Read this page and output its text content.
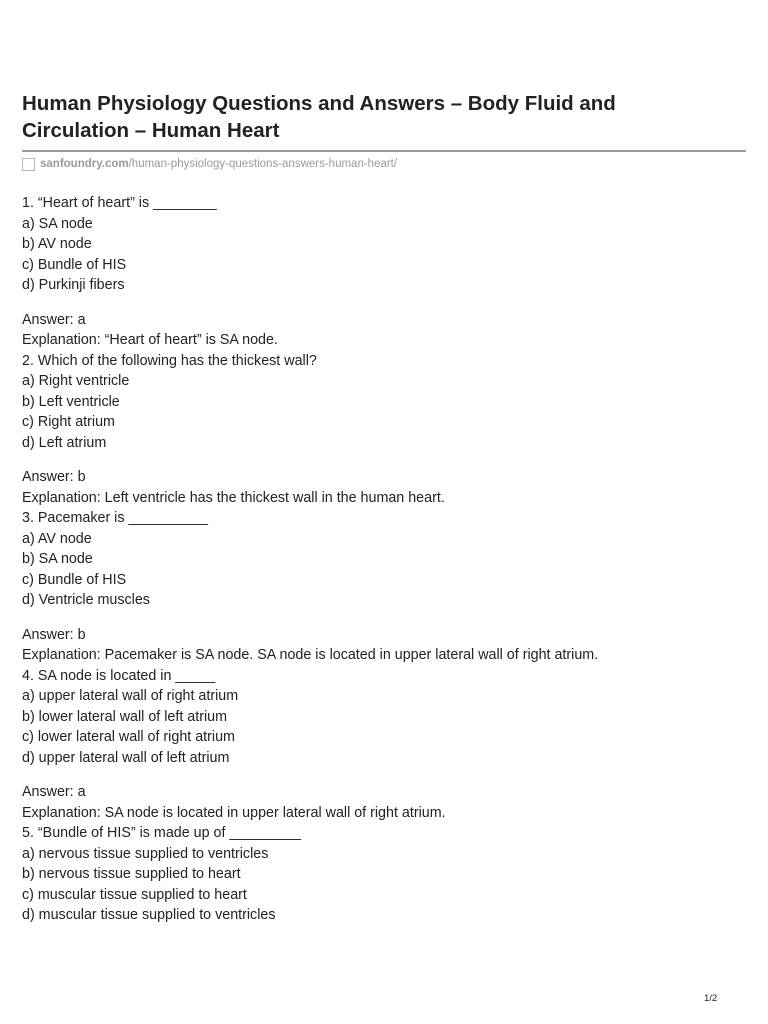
Human Physiology Questions and Answers – Body Fluid and
Circulation – Human Heart
sanfoundry.com /human-physiology-questions-answers-human-heart/
1. “Heart of heart” is ________
a) SA node
b) AV node
c) Bundle of HIS
d) Purkinji fibers
Answer: a
Explanation: “Heart of heart” is SA node.
2. Which of the following has the thickest wall?
a) Right ventricle
b) Left ventricle
c) Right atrium
d) Left atrium
Answer: b
Explanation: Left ventricle has the thickest wall in the human heart.
3. Pacemaker is __________
a) AV node
b) SA node
c) Bundle of HIS
d) Ventricle muscles
Answer: b
Explanation: Pacemaker is SA node. SA node is located in upper lateral wall of right atrium.
4. SA node is located in _____
a) upper lateral wall of right atrium
b) lower lateral wall of left atrium
c) lower lateral wall of right atrium
d) upper lateral wall of left atrium
Answer: a
Explanation: SA node is located in upper lateral wall of right atrium.
5. “Bundle of HIS” is made up of _________
a) nervous tissue supplied to ventricles
b) nervous tissue supplied to heart
c) muscular tissue supplied to heart
d) muscular tissue supplied to ventricles
1/2
